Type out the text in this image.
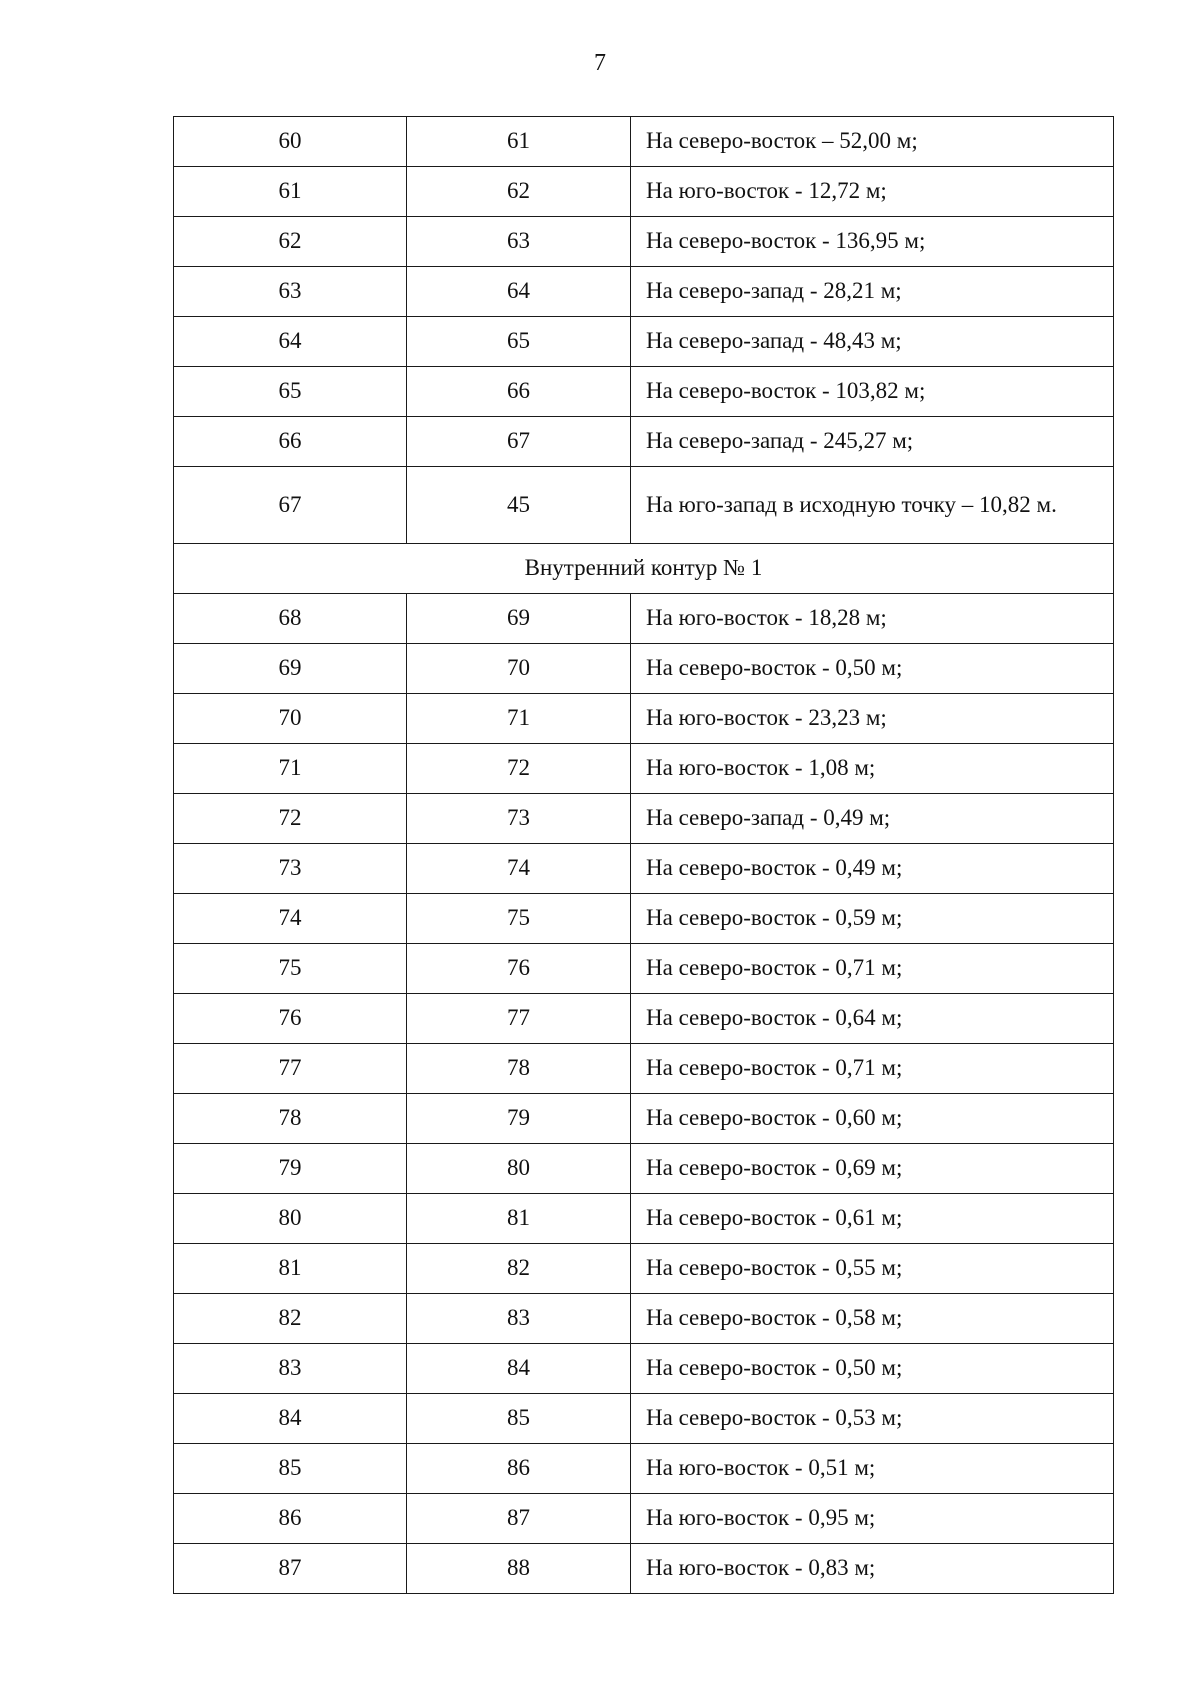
7
60	61	На северо-восток – 52,00 м;
61	62	На юго-восток - 12,72 м;
62	63	На северо-восток - 136,95 м;
63	64	На северо-запад - 28,21 м;
64	65	На северо-запад - 48,43 м;
65	66	На северо-восток - 103,82 м;
66	67	На северо-запад - 245,27 м;
67	45	На юго-запад в исходную точку – 10,82 м.
Внутренний контур № 1		
68	69	На юго-восток - 18,28 м;
69	70	На северо-восток - 0,50 м;
70	71	На юго-восток - 23,23 м;
71	72	На юго-восток - 1,08 м;
72	73	На северо-запад - 0,49 м;
73	74	На северо-восток - 0,49 м;
74	75	На северо-восток - 0,59 м;
75	76	На северо-восток - 0,71 м;
76	77	На северо-восток - 0,64 м;
77	78	На северо-восток - 0,71 м;
78	79	На северо-восток - 0,60 м;
79	80	На северо-восток - 0,69 м;
80	81	На северо-восток - 0,61 м;
81	82	На северо-восток - 0,55 м;
82	83	На северо-восток - 0,58 м;
83	84	На северо-восток - 0,50 м;
84	85	На северо-восток - 0,53 м;
85	86	На юго-восток - 0,51 м;
86	87	На юго-восток - 0,95 м;
87	88	На юго-восток - 0,83 м;
